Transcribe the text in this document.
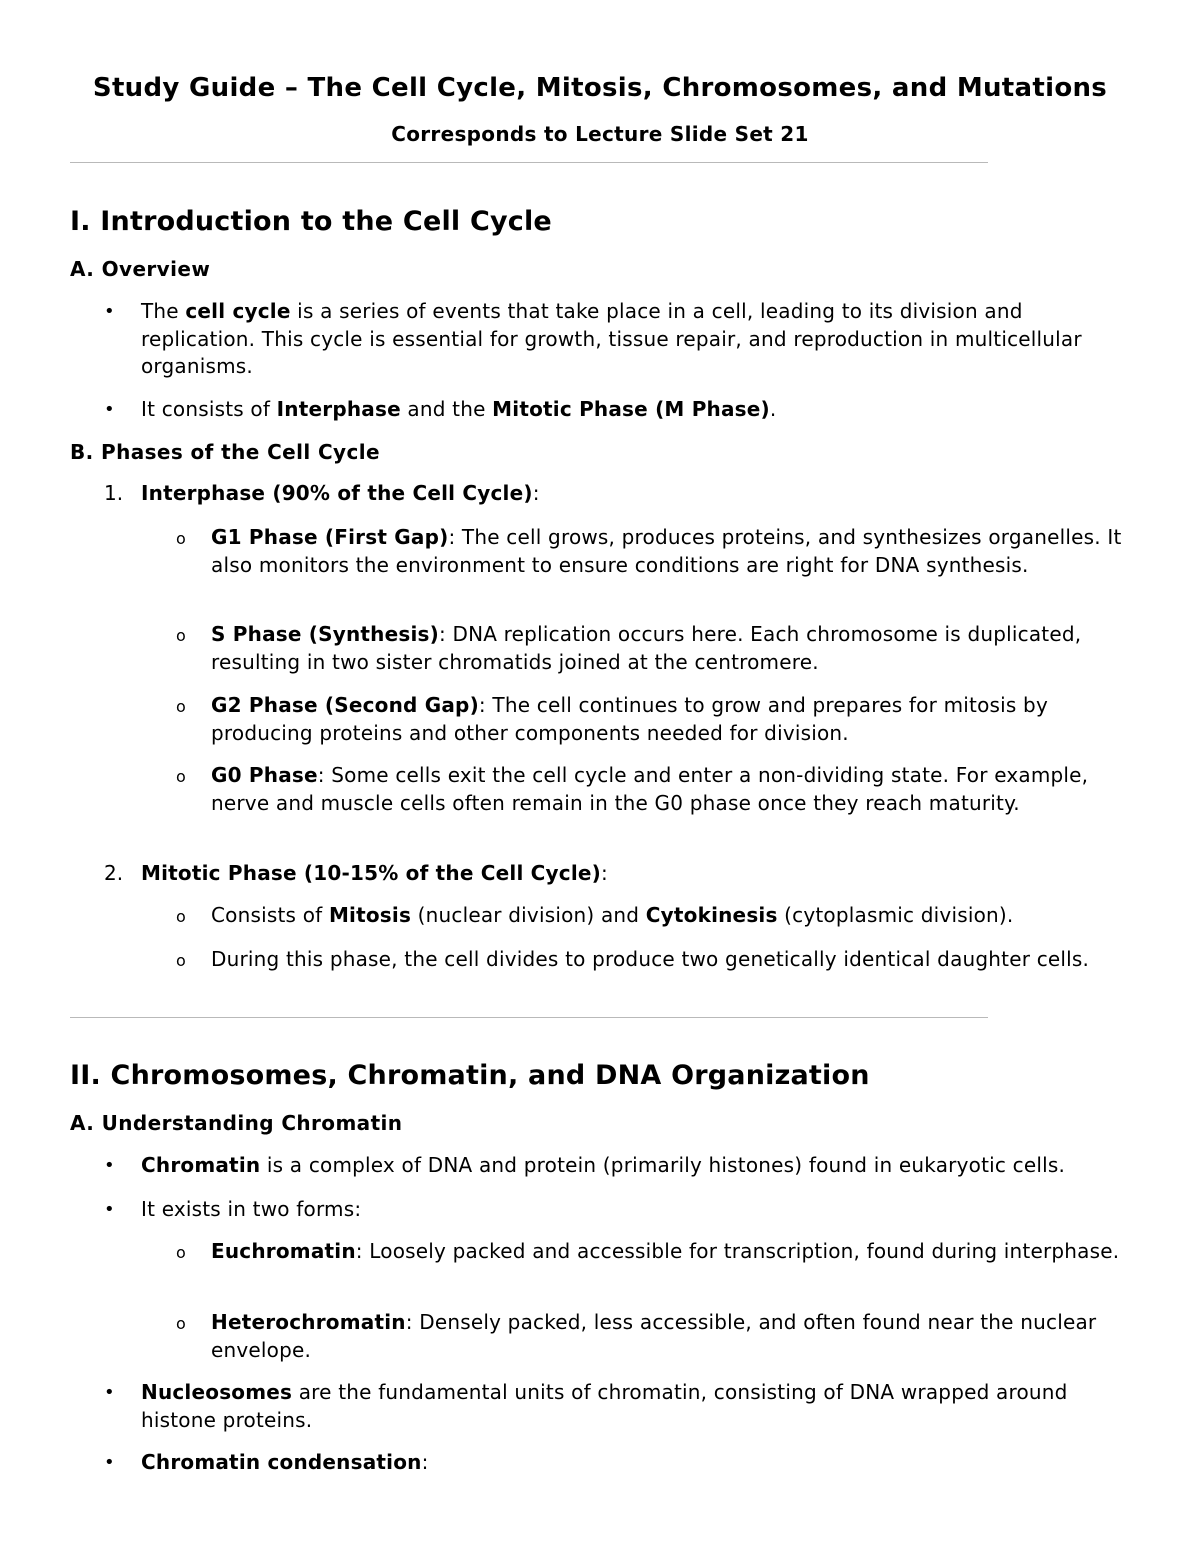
Study Guide – The Cell Cycle, Mitosis, Chromosomes, and Mutations
Corresponds to Lecture Slide Set 21
I. Introduction to the Cell Cycle
A. Overview
• The cell cycle is a series of events that take place in a cell, leading to its division and replication. This cycle is essential for growth, tissue repair, and reproduction in multicellular organisms.
• It consists of Interphase and the Mitotic Phase (M Phase).
B. Phases of the Cell Cycle
1. Interphase (90% of the Cell Cycle):
o G1 Phase (First Gap): The cell grows, produces proteins, and synthesizes organelles. It also monitors the environment to ensure conditions are right for DNA synthesis.
o S Phase (Synthesis): DNA replication occurs here. Each chromosome is duplicated, resulting in two sister chromatids joined at the centromere.
o G2 Phase (Second Gap): The cell continues to grow and prepares for mitosis by producing proteins and other components needed for division.
o G0 Phase: Some cells exit the cell cycle and enter a non-dividing state. For example, nerve and muscle cells often remain in the G0 phase once they reach maturity.
2. Mitotic Phase (10-15% of the Cell Cycle):
o Consists of Mitosis (nuclear division) and Cytokinesis (cytoplasmic division).
o During this phase, the cell divides to produce two genetically identical daughter cells.
II. Chromosomes, Chromatin, and DNA Organization
A. Understanding Chromatin
• Chromatin is a complex of DNA and protein (primarily histones) found in eukaryotic cells.
• It exists in two forms:
o Euchromatin: Loosely packed and accessible for transcription, found during interphase.
o Heterochromatin: Densely packed, less accessible, and often found near the nuclear envelope.
• Nucleosomes are the fundamental units of chromatin, consisting of DNA wrapped around histone proteins.
• Chromatin condensation:
